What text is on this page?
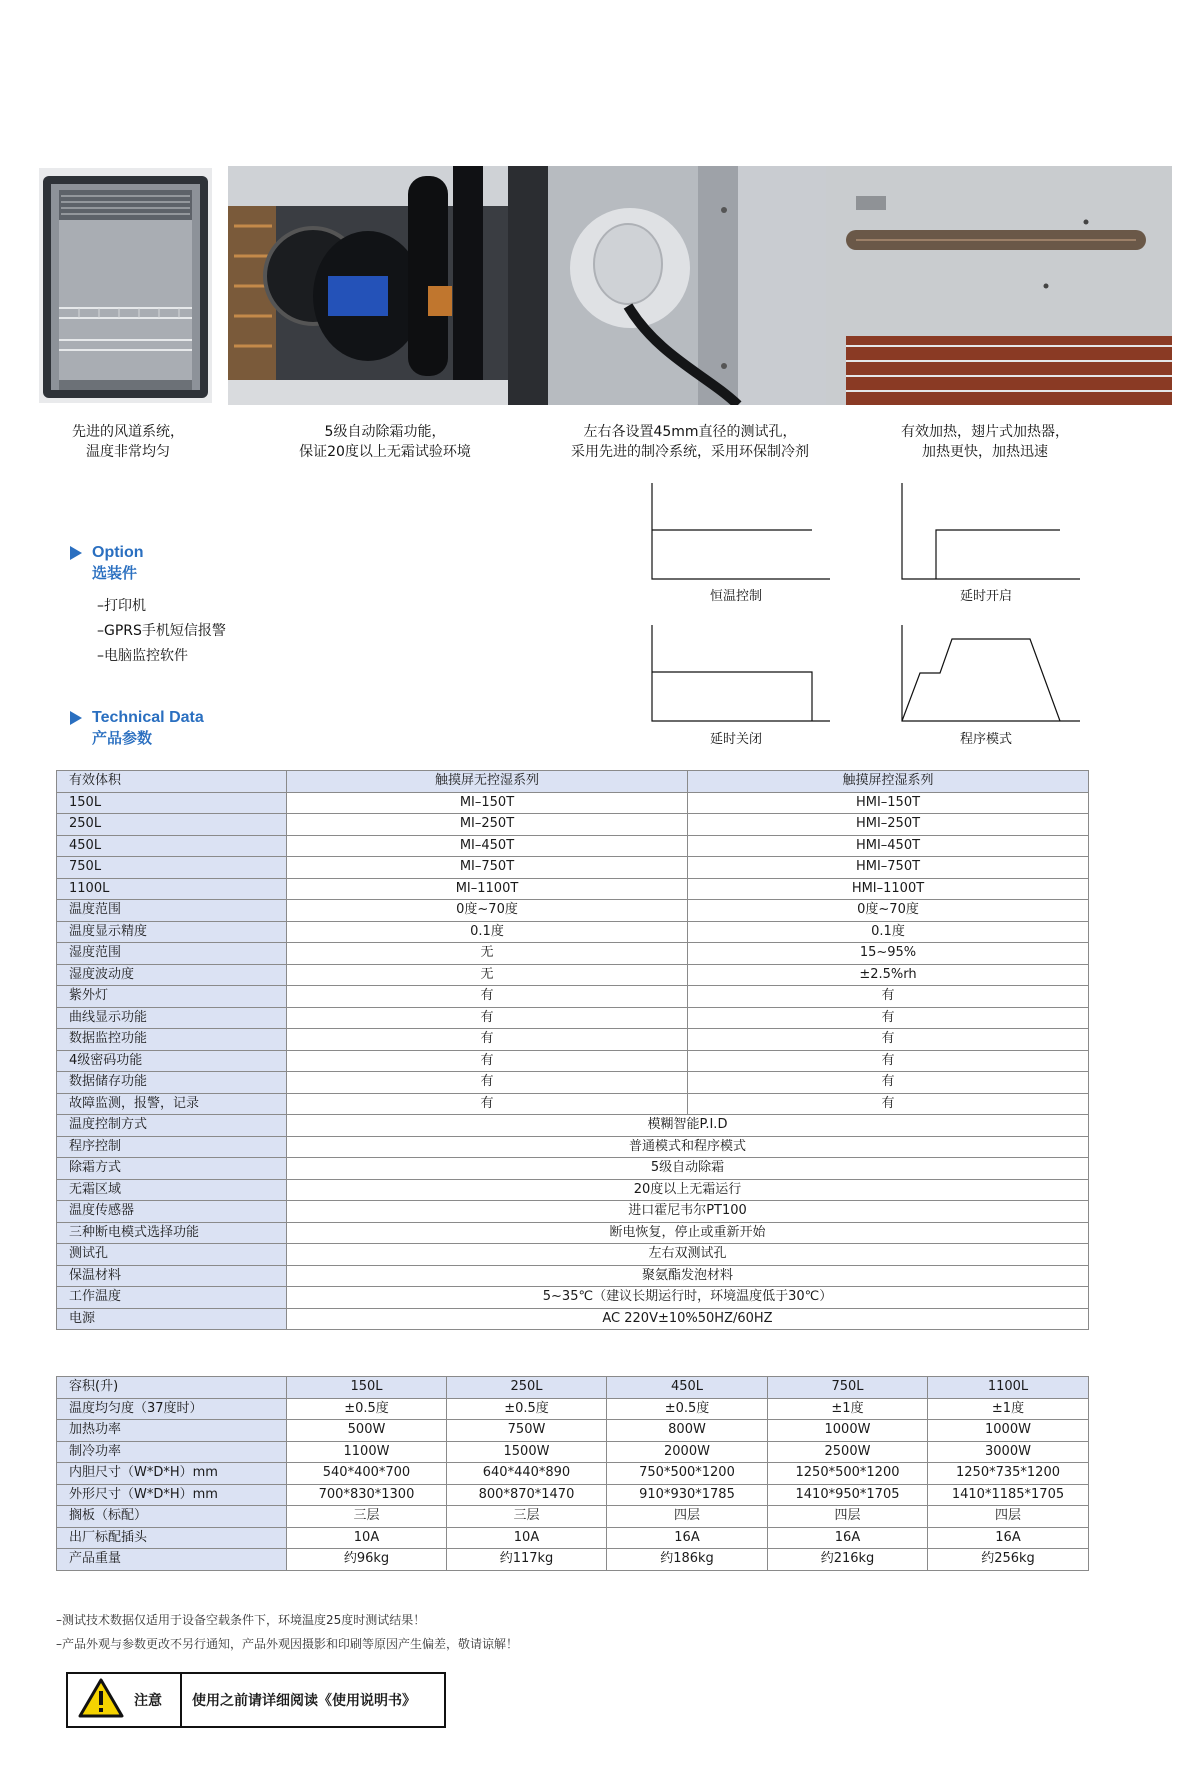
先进的风道系统，
温度非常均匀
5级自动除霜功能，
保证20度以上无霜试验环境
左右各设置45mm直径的测试孔，
采用先进的制冷系统，采用环保制冷剂
有效加热，翅片式加热器，
加热更快，加热迅速
Option
选装件
–打印机
–GPRS手机短信报警
–电脑监控软件
Technical Data
产品参数
恒温控制	延时开启
延时关闭	程序模式
有效体积	触摸屏无控湿系列	触摸屏控湿系列
150L	MI–150T	HMI–150T
250L	MI–250T	HMI–250T
450L	MI–450T	HMI–450T
750L	MI–750T	HMI–750T
1100L	MI–1100T	HMI–1100T
温度范围	0度~70度	0度~70度
温度显示精度	0.1度	0.1度
湿度范围	无	15~95%
湿度波动度	无	±2.5%rh
紫外灯	有	有
曲线显示功能	有	有
数据监控功能	有	有
4级密码功能	有	有
数据储存功能	有	有
故障监测，报警，记录	有	有
温度控制方式	模糊智能P.I.D	
程序控制	普通模式和程序模式	
除霜方式	5级自动除霜	
无霜区域	20度以上无霜运行	
温度传感器	进口霍尼韦尔PT100	
三种断电模式选择功能	断电恢复，停止或重新开始	
测试孔	左右双测试孔	
保温材料	聚氨酯发泡材料	
工作温度	5~35℃（建议长期运行时，环境温度低于30℃）	
电源	AC 220V±10%50HZ/60HZ	
容积(升)	150L	250L	450L	750L	1100L
温度均匀度（37度时）	±0.5度	±0.5度	±0.5度	±1度	±1度
加热功率	500W	750W	800W	1000W	1000W
制冷功率	1100W	1500W	2000W	2500W	3000W
内胆尺寸（W*D*H）mm	540*400*700	640*440*890	750*500*1200	1250*500*1200	1250*735*1200
外形尺寸（W*D*H）mm	700*830*1300	800*870*1470	910*930*1785	1410*950*1705	1410*1185*1705
搁板（标配）	三层	三层	四层	四层	四层
出厂标配插头	10A	10A	16A	16A	16A
产品重量	约96kg	约117kg	约186kg	约216kg	约256kg
–测试技术数据仅适用于设备空载条件下，环境温度25度时测试结果！
–产品外观与参数更改不另行通知，产品外观因摄影和印刷等原因产生偏差，敬请谅解！
注意	使用之前请详细阅读《使用说明书》
